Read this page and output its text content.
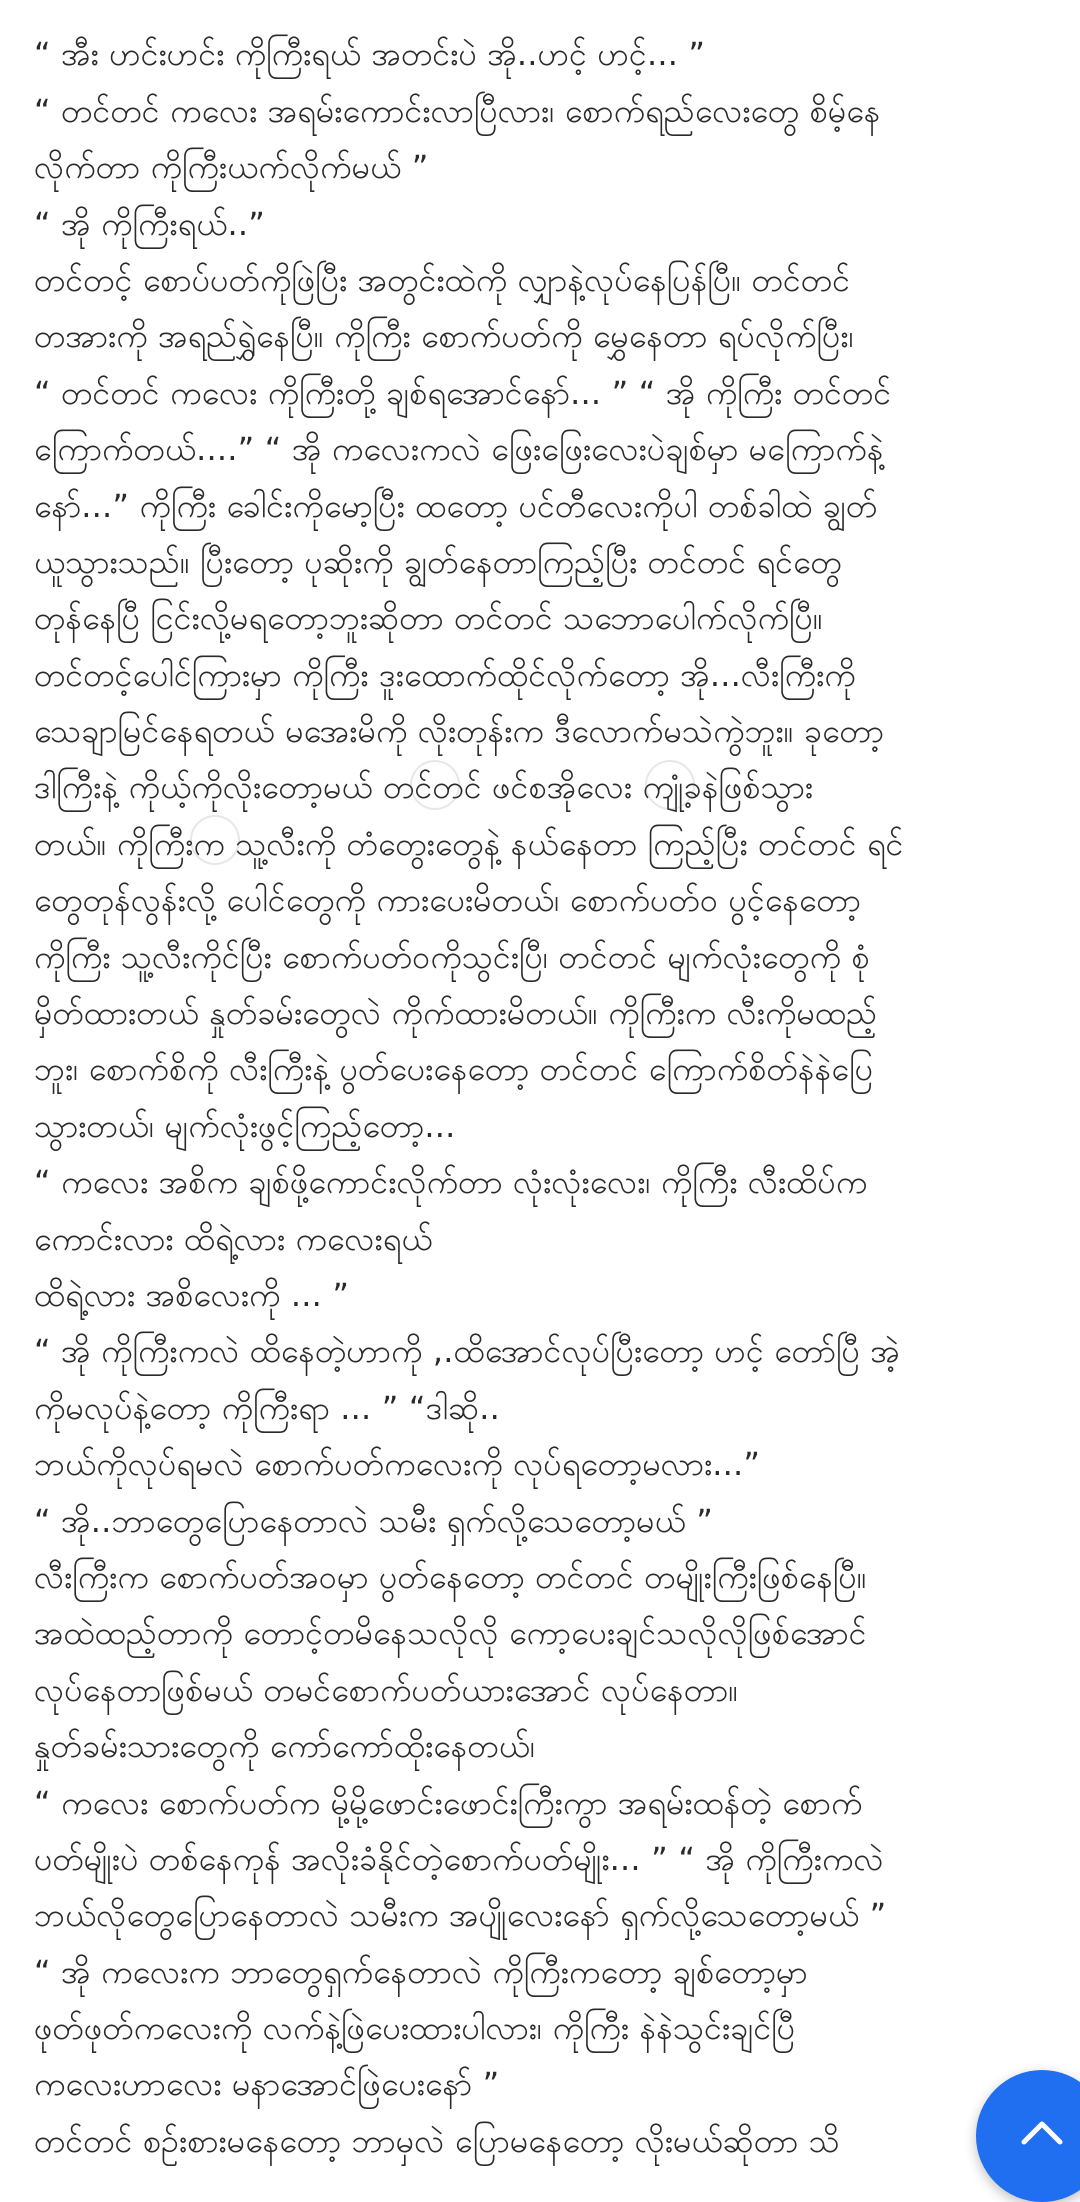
“ အီး ဟင်းဟင်း ကိုကြီးရယ် အတင်းပဲ အို..ဟင့် ဟင့်... ”
“ တင်တင် ကလေး အရမ်းကောင်းလာပြီလား၊ စောက်ရည်လေးတွေ စိမ့်နေ
လိုက်တာ ကိုကြီးယက်လိုက်မယ် ”
“ အို ကိုကြီးရယ်..”
တင်တင့် စောပ်ပတ်ကိုဖြဲပြီး အတွင်းထဲကို လျှာနဲ့လုပ်နေပြန်ပြီ။ တင်တင်
တအားကို အရည်ရွှဲနေပြီ။ ကိုကြီး စောက်ပတ်ကို မွှေနေတာ ရပ်လိုက်ပြီး၊
“ တင်တင် ကလေး ကိုကြီးတို့ ချစ်ရအောင်နော်... ” “ အို ကိုကြီး တင်တင်
ကြောက်တယ်....” “ အို ကလေးကလဲ ဖြေးဖြေးလေးပဲချစ်မှာ မကြောက်နဲ့
နော်...” ကိုကြီး ခေါင်းကိုမော့ပြီး ထတော့ ပင်တီလေးကိုပါ တစ်ခါထဲ ချွတ်
ယူသွားသည်။ ပြီးတော့ ပုဆိုးကို ချွတ်နေတာကြည့်ပြီး တင်တင် ရင်တွေ
တုန်နေပြီ ငြင်းလို့မရတော့ဘူးဆိုတာ တင်တင် သဘောပေါက်လိုက်ပြီ။
တင်တင့်ပေါင်ကြားမှာ ကိုကြီး ဒူးထောက်ထိုင်လိုက်တော့ အို...လီးကြီးကို
သေချာမြင်နေရတယ် မအေးမိကို လိုးတုန်းက ဒီလောက်မသဲကွဲဘူး။ ခုတော့
ဒါကြီးနဲ့ ကိုယ့်ကိုလိုးတော့မယ် တင်တင် ဖင်စအိုလေး ကျုံ့ခနဲဖြစ်သွား
တယ်။ ကိုကြီးက သူ့လီးကို တံတွေးတွေနဲ့ နယ်နေတာ ကြည့်ပြီး တင်တင် ရင်
တွေတုန်လွန်းလို့ ပေါင်တွေကို ကားပေးမိတယ်၊ စောက်ပတ်ဝ ပွင့်နေတော့
ကိုကြီး သူ့လီးကိုင်ပြီး စောက်ပတ်ဝကိုသွင်းပြီ၊ တင်တင် မျက်လုံးတွေကို စုံ
မှိတ်ထားတယ် နှုတ်ခမ်းတွေလဲ ကိုက်ထားမိတယ်။ ကိုကြီးက လီးကိုမထည့်
ဘူး၊ စောက်စိကို လီးကြီးနဲ့ ပွတ်ပေးနေတော့ တင်တင် ကြောက်စိတ်နဲနဲပြေ
သွားတယ်၊ မျက်လုံးဖွင့်ကြည့်တော့...
“ ကလေး အစိက ချစ်ဖို့ကောင်းလိုက်တာ လုံးလုံးလေး၊ ကိုကြီး လီးထိပ်က
ကောင်းလား ထိရဲ့လား ကလေးရယ်
ထိရဲ့လား အစိလေးကို ... ”
“ အို ကိုကြီးကလဲ ထိနေတဲ့ဟာကို ,.ထိအောင်လုပ်ပြီးတော့ ဟင့် တော်ပြီ အဲ့
ကိုမလုပ်နဲ့တော့ ကိုကြီးရာ ... ” “ဒါဆို..
ဘယ်ကိုလုပ်ရမလဲ စောက်ပတ်ကလေးကို လုပ်ရတော့မလား...”
“ အို..ဘာတွေပြောနေတာလဲ သမီး ရှက်လို့သေတော့မယ် ”
လီးကြီးက စောက်ပတ်အဝမှာ ပွတ်နေတော့ တင်တင် တမျိုးကြီးဖြစ်နေပြီ။
အထဲထည့်တာကို တောင့်တမိနေသလိုလို ကော့ပေးချင်သလိုလိုဖြစ်အောင်
လုပ်နေတာဖြစ်မယ် တမင်စောက်ပတ်ယားအောင် လုပ်နေတာ။
နှုတ်ခမ်းသားတွေကို ကော်ကော်ထိုးနေတယ်၊
“ ကလေး စောက်ပတ်က မို့မို့ဖောင်းဖောင်းကြီးကွာ အရမ်းထန်တဲ့ စောက်
ပတ်မျိုးပဲ တစ်နေကုန် အလိုးခံနိုင်တဲ့စောက်ပတ်မျိုး... ” “ အို ကိုကြီးကလဲ
ဘယ်လိုတွေပြောနေတာလဲ သမီးက အပျိုလေးနော် ရှက်လို့သေတော့မယ် ”
“ အို ကလေးက ဘာတွေရှက်နေတာလဲ ကိုကြီးကတော့ ချစ်တော့မှာ
ဖုတ်ဖုတ်ကလေးကို လက်နဲ့ဖြဲပေးထားပါလား၊ ကိုကြီး နဲနဲသွင်းချင်ပြီ
ကလေးဟာလေး မနာအောင်ဖြဲပေးနော် ”
တင်တင် စဉ်းစားမနေတော့ ဘာမှလဲ ပြောမနေတော့ လိုးမယ်ဆိုတာ သိ
